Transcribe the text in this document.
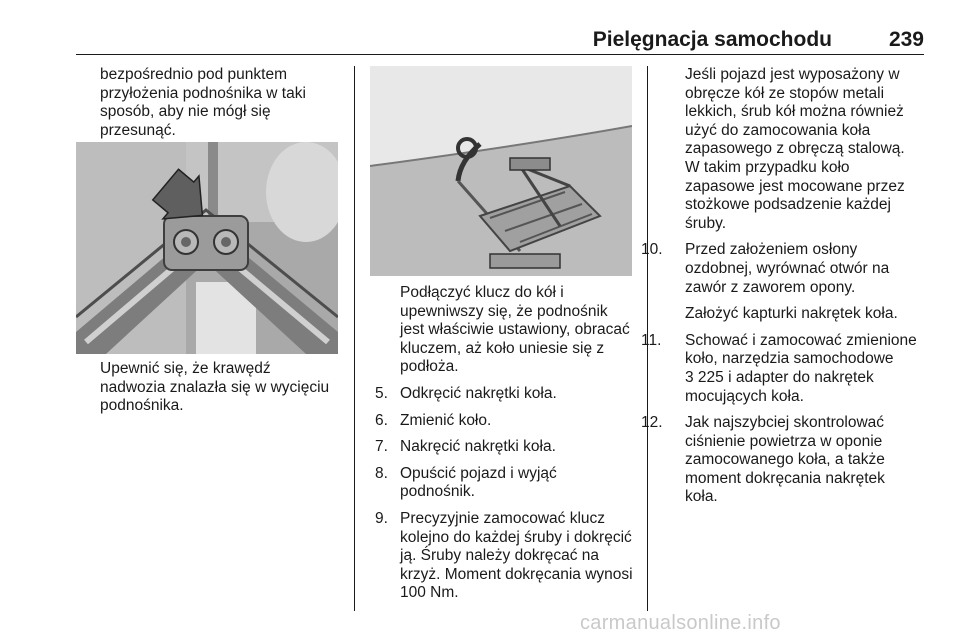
Pielęgnacja samochodu	239

bezpośrednio pod punktem
przyłożenia podnośnika w taki
sposób, aby nie mógł się
przesunąć.

Upewnić się, że krawędź
nadwozia znalazła się w wycięciu
podnośnika.

Podłączyć klucz do kół i
upewniwszy się, że podnośnik
jest właściwie ustawiony, obracać
kluczem, aż koło uniesie się z
podłoża.

5. Odkręcić nakrętki koła.

6. Zmienić koło.

7. Nakręcić nakrętki koła.

8. Opuścić pojazd i wyjąć
podnośnik.

9. Precyzyjnie zamocować klucz
kolejno do każdej śruby i dokręcić
ją. Śruby należy dokręcać na
krzyż. Moment dokręcania wynosi
100 Nm.

Jeśli pojazd jest wyposażony w
obręcze kół ze stopów metali
lekkich, śrub kół można również
użyć do zamocowania koła
zapasowego z obręczą stalową.
W takim przypadku koło
zapasowe jest mocowane przez
stożkowe podsadzenie każdej
śruby.

10. Przed założeniem osłony
ozdobnej, wyrównać otwór na
zawór z zaworem opony.

Założyć kapturki nakrętek koła.

11. Schować i zamocować zmienione
koło, narzędzia samochodowe
3 225 i adapter do nakrętek
mocujących koła.

12. Jak najszybciej skontrolować
ciśnienie powietrza w oponie
zamocowanego koła, a także
moment dokręcania nakrętek
koła.

carmanualsonline.info
